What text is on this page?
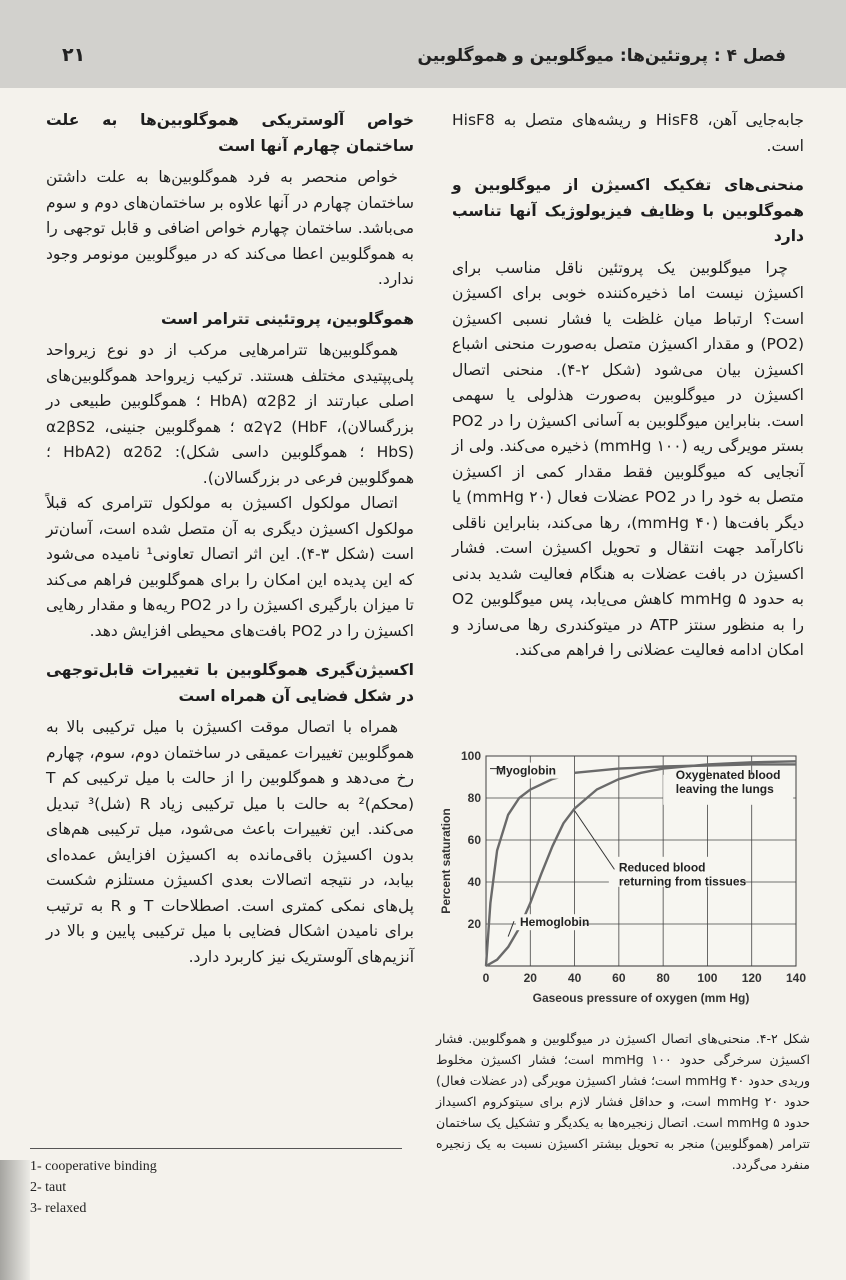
فصل ۴ : پروتئین‌ها: میوگلوبین و هموگلوبین
۲۱

جابه‌جایی آهن، HisF8 و ریشه‌های متصل به HisF8 است.

منحنی‌های تفکیک اکسیژن از میوگلوبین و هموگلوبین با وظایف فیزیولوژیک آنها تناسب دارد

چرا میوگلوبین یک پروتئین ناقل مناسب برای اکسیژن نیست اما ذخیره‌کننده خوبی برای اکسیژن است؟ ارتباط میان غلظت یا فشار نسبی اکسیژن (PO2) و مقدار اکسیژن متصل به‌صورت منحنی اشباع اکسیژن بیان می‌شود (شکل ۲-۴). منحنی اتصال اکسیژن در میوگلوبین به‌صورت هذلولی یا سهمی است. بنابراین میوگلوبین به آسانی اکسیژن را در PO2 بستر مویرگی ریه (۱۰۰ mmHg) ذخیره می‌کند. ولی از آنجایی که میوگلوبین فقط مقدار کمی از اکسیژن متصل به خود را در PO2 عضلات فعال (۲۰ mmHg) یا دیگر بافت‌ها (۴۰ mmHg)، رها می‌کند، بنابراین ناقلی ناکارآمد جهت انتقال و تحویل اکسیژن است. فشار اکسیژن در بافت عضلات به هنگام فعالیت شدید بدنی به حدود ۵ mmHg کاهش می‌یابد، پس میوگلوبین O2 را به منظور سنتز ATP در میتوکندری رها می‌سازد و امکان ادامه فعالیت عضلانی را فراهم می‌کند.

خواص آلوستریکی هموگلوبین‌ها به علت ساختمان چهارم آنها است

خواص منحصر به فرد هموگلوبین‌ها به علت داشتن ساختمان چهارم در آنها علاوه بر ساختمان‌های دوم و سوم می‌باشد. ساختمان چهارم خواص اضافی و قابل توجهی را به هموگلوبین اعطا می‌کند که در میوگلوبین مونومر وجود ندارد.

هموگلوبین، پروتئینی تترامر است

هموگلوبین‌ها تترامرهایی مرکب از دو نوع زیرواحد پلی‌پپتیدی مختلف هستند. ترکیب زیرواحد هموگلوبین‌های اصلی عبارتند از α2β2 (HbA ؛ هموگلوبین طبیعی در بزرگسالان)، α2γ2 (HbF ؛ هموگلوبین جنینی، α2βS2 (HbS ؛ هموگلوبین داسی شکل): α2δ2 (HbA2 ؛ هموگلوبین فرعی در بزرگسالان).

اتصال مولکول اکسیژن به مولکول تترامری که قبلاً مولکول اکسیژن دیگری به آن متصل شده است، آسان‌تر است (شکل ۳-۴). این اثر اتصال تعاونی¹ نامیده می‌شود که این پدیده این امکان را برای هموگلوبین فراهم می‌کند تا میزان بارگیری اکسیژن را در PO2 ریه‌ها و مقدار رهایی اکسیژن را در PO2 بافت‌های محیطی افزایش دهد.

اکسیژن‌گیری هموگلوبین با تغییرات قابل‌توجهی در شکل فضایی آن همراه است

همراه با اتصال موقت اکسیژن با میل ترکیبی بالا به هموگلوبین تغییرات عمیقی در ساختمان دوم، سوم، چهارم رخ می‌دهد و هموگلوبین را از حالت با میل ترکیبی کم T (محکم)² به حالت با میل ترکیبی زیاد R (شل)³ تبدیل می‌کند. این تغییرات باعث می‌شود، میل ترکیبی هم‌های بدون اکسیژن باقی‌مانده به اکسیژن افزایش عمده‌ای بیابد، در نتیجه اتصالات بعدی اکسیژن مستلزم شکست پل‌های نمکی کمتری است. اصطلاحات T و R به ترتیب برای نامیدن اشکال فضایی با میل ترکیبی پایین و بالا در آنزیم‌های آلوستریک نیز کاربرد دارد.

0	20	40	60	80 100 120 140
20
40
60
80
100
Gaseous pressure of oxygen (mm Hg)
Percent saturation
Myoglobin
Hemoglobin
Oxygenated blood
leaving the lungs
Reduced blood
returning from tissues
شکل ۲-۴. منحنی‌های اتصال اکسیژن در میوگلوبین و هموگلوبین. فشار اکسیژن سرخرگی حدود ۱۰۰ mmHg است؛ فشار اکسیژن مخلوط وریدی حدود ۴۰ mmHg است؛ فشار اکسیژن مویرگی (در عضلات فعال) حدود ۲۰ mmHg است، و حداقل فشار لازم برای سیتوکروم اکسیداز حدود ۵ mmHg است. اتصال زنجیره‌ها به یکدیگر و تشکیل یک ساختمان تترامر (هموگلوبین) منجر به تحویل بیشتر اکسیژن نسبت به یک زنجیره منفرد می‌گردد.
1- cooperative binding
2- taut
3- relaxed
